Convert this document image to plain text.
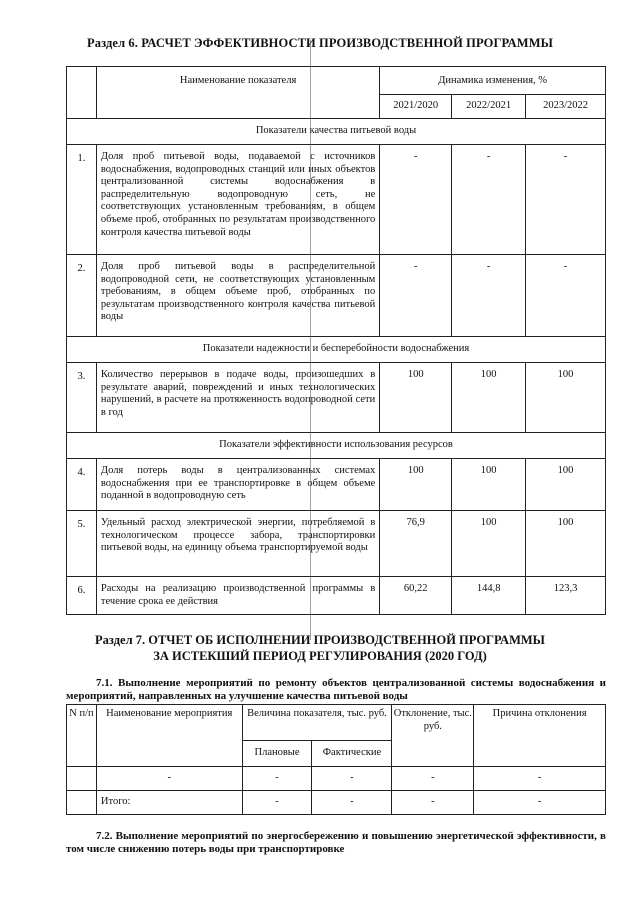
Раздел 6. РАСЧЕТ ЭФФЕКТИВНОСТИ ПРОИЗВОДСТВЕННОЙ ПРОГРАММЫ
	Наименование показателя	Динамика изменения, %		
		2021/2020	2022/2021	2023/2022
Показатели качества питьевой воды				
1.	Доля проб питьевой воды, подаваемой с источников водоснабжения, водопроводных станций или иных объектов централизованной системы водоснабжения в распределительную водопроводную сеть, не соответствующих установленным требованиям, в общем объеме проб, отобранных по результатам производственного контроля качества питьевой воды	-	-	-
2.	Доля проб питьевой воды в распределительной водопроводной сети, не соответствующих установленным требованиям, в общем объеме проб, отобранных по результатам производственного контроля качества питьевой воды	-	-	-
Показатели надежности и бесперебойности водоснабжения				
3.	Количество перерывов в подаче воды, произошедших в результате аварий, повреждений и иных технологических нарушений, в расчете на протяженность водопроводной сети в год	100	100	100
Показатели эффективности использования ресурсов				
4.	Доля потерь воды в централизованных системах водоснабжения при ее транспортировке в общем объеме поданной в водопроводную сеть	100	100	100
5.	Удельный расход электрической энергии, потребляемой в технологическом процессе забора, транспортировки питьевой воды, на единицу объема транспортируемой воды	76,9	100	100
6.	Расходы на реализацию производственной программы в течение срока ее действия	60,22	144,8	123,3
Раздел 7. ОТЧЕТ ОБ ИСПОЛНЕНИИ ПРОИЗВОДСТВЕННОЙ ПРОГРАММЫ
ЗА ИСТЕКШИЙ ПЕРИОД РЕГУЛИРОВАНИЯ (2020 ГОД)
7.1. Выполнение мероприятий по ремонту объектов централизованной системы водоснабжения и мероприятий, направленных на улучшение качества питьевой воды
N п/п	Наименование мероприятия	Величина показателя, тыс. руб.		Отклонение, тыс. руб.	Причина отклонения
		Плановые	Фактические		
	-	-	-	-	-
	Итого:	-	-	-	-
7.2. Выполнение мероприятий по энергосбережению и повышению энергетической эффективности, в том числе снижению потерь воды при транспортировке
